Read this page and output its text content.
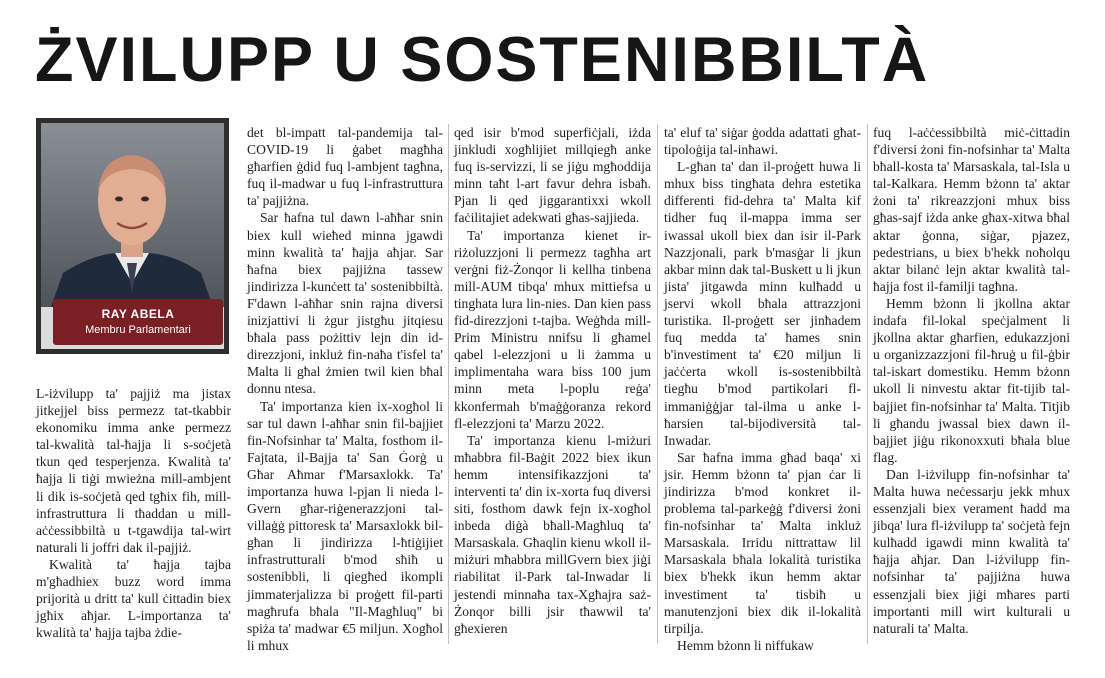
ŻVILUPP U SOSTENIBBILTÀ
RAY ABELA
Membru Parlamentari

L-iżvilupp ta' pajjiż ma jistax jitkejjel biss permezz tat-tkabbir ekonomiku imma anke permezz tal-kwalità tal-ħajja li s-soċjetà tkun qed tesperjenza. Kwalità ta' ħajja li tiġi mwieżna mill-ambjent li dik is-soċjetà qed tgħix fih, mill-infrastruttura li tħaddan u mill-aċċessibbiltà u t-tgawdija tal-wirt naturali li joffri dak il-pajjiż.

Kwalità ta' ħajja tajba m'għadhiex buzz word imma prijorità u dritt ta' kull ċittadin biex jgħix aħjar. L-importanza ta' kwalità ta' ħajja tajba żdie-

det bl-impatt tal-pandemija tal-COVID-19 li ġabet magħha għarfien ġdid fuq l-ambjent tagħna, fuq il-madwar u fuq l-infrastruttura ta' pajjiżna.

Sar ħafna tul dawn l-aħħar snin biex kull wieħed minna jgawdi minn kwalità ta' ħajja aħjar. Sar ħafna biex pajjiżna tassew jindirizza l-kunċett ta' sostenibbiltà. F'dawn l-aħħar snin rajna diversi inizjattivi li żgur jistgħu jitqiesu bħala pass pożittiv lejn din id-direzzjoni, inkluż fin-naħa t'isfel ta' Malta li għal żmien twil kien bħal donnu ntesa.

Ta' importanza kien ix-xogħol li sar tul dawn l-aħħar snin fil-bajjiet fin-Nofsinhar ta' Malta, fosthom il-Fajtata, il-Bajja ta' San Ġorġ u Għar Aħmar f'Marsaxlokk. Ta' importanza huwa l-pjan li nieda l-Gvern għar-riġenerazzjoni tal-villaġġ pittoresk ta' Marsaxlokk bil-għan li jindirizza l-ħtiġijiet infrastrutturali b'mod sħiħ u sostenibbli, li qiegħed ikompli jimmaterjalizza bi proġett fil-parti magħrufa bħala "Il-Magħluq" bi spiża ta' madwar €5 miljun. Xogħol li mhux

qed isir b'mod superfiċjali, iżda jinkludi xogħlijiet millqiegħ anke fuq is-servizzi, li se jiġu mgħoddija minn taħt l-art favur dehra isbaħ. Pjan li qed jiggarantixxi wkoll faċilitajiet adekwati għas-sajjieda.

Ta' importanza kienet ir-riżoluzzjoni li permezz tagħha art verġni fiż-Żonqor li kellha tinbena mill-AUM tibqa' mhux mittiefsa u tinghata lura lin-nies. Dan kien pass fid-direzzjoni t-tajba. Weġħda mill-Prim Ministru nnifsu li għamel qabel l-elezzjoni u li żamma u implimentaha wara biss 100 jum minn meta l-poplu reġa' kkonfermah b'maġġoranza rekord fl-elezzjoni ta' Marzu 2022.

Ta' importanza kienu l-miżuri mħabbra fil-Baġit 2022 biex ikun hemm intensifikazzjoni ta' interventi ta' din ix-xorta fuq diversi siti, fosthom dawk fejn ix-xogħol inbeda diġà bħall-Magħluq ta' Marsaskala. Għaqlin kienu wkoll il-miżuri mħabbra millGvern biex jiġi riabilitat il-Park tal-Inwadar li jestendi minnaħa tax-Xgħajra saż-Żonqor billi jsir tħawwil ta' għexieren

ta' eluf ta' siġar ġodda adattati għat-tipoloġija tal-inħawi.

L-għan ta' dan il-proġett huwa li mhux biss tingħata dehra estetika differenti fid-dehra ta' Malta kif tidher fuq il-mappa imma ser iwassal ukoll biex dan isir il-Park Nazzjonali, park b'masġar li jkun akbar minn dak tal-Buskett u li jkun jista' jitgawda minn kulħadd u jservi wkoll bħala attrazzjoni turistika. Il-proġett ser jinħadem fuq medda ta' ħames snin b'investiment ta' €20 miljun li jaċċerta wkoll is-sostenibbiltà tiegħu b'mod partikolari fl-immaniġġjar tal-ilma u anke l-ħarsien tal-bijodiversità tal-Inwadar.

Sar ħafna imma għad baqa' xi jsir. Hemm bżonn ta' pjan ċar li jindirizza b'mod konkret il-problema tal-parkeġġ f'diversi żoni fin-nofsinhar ta' Malta inkluż Marsaskala. Irridu nittrattaw lil Marsaskala bħala lokalità turistika biex b'hekk ikun hemm aktar investiment ta' tisbiħ u manutenzjoni biex dik il-lokalità tirpilja.

Hemm bżonn li niffukaw

fuq l-aċċessibbiltà miċ-ċittadin f'diversi żoni fin-nofsinhar ta' Malta bħall-kosta ta' Marsaskala, tal-Isla u tal-Kalkara. Hemm bżonn ta' aktar żoni ta' rikreazzjoni mhux biss għas-sajf iżda anke għax-xitwa bħal aktar ġonna, siġar, pjazez, pedestrians, u biex b'hekk noħolqu aktar bilanċ lejn aktar kwalità tal-ħajja fost il-familji tagħna.

Hemm bżonn li jkollna aktar indafa fil-lokal speċjalment li jkollna aktar għarfien, edukazzjoni u organizzazzjoni fil-ħruġ u fil-ġbir tal-iskart domestiku. Hemm bżonn ukoll li ninvestu aktar fit-tijib tal-bajjiet fin-nofsinhar ta' Malta. Titjib li għandu jwassal biex dawn il-bajjiet jiġu rikonoxxuti bħala blue flag.

Dan l-iżvilupp fin-nofsinhar ta' Malta huwa neċessarju jekk mhux essenzjali biex verament ħadd ma jibqa' lura fl-iżvilupp ta' soċjetà fejn kulħadd igawdi minn kwalità ta' ħajja aħjar. Dan l-iżvilupp fin-nofsinhar ta' pajjiżna huwa essenzjali biex jiġi mħares parti importanti mill wirt kulturali u naturali ta' Malta.
